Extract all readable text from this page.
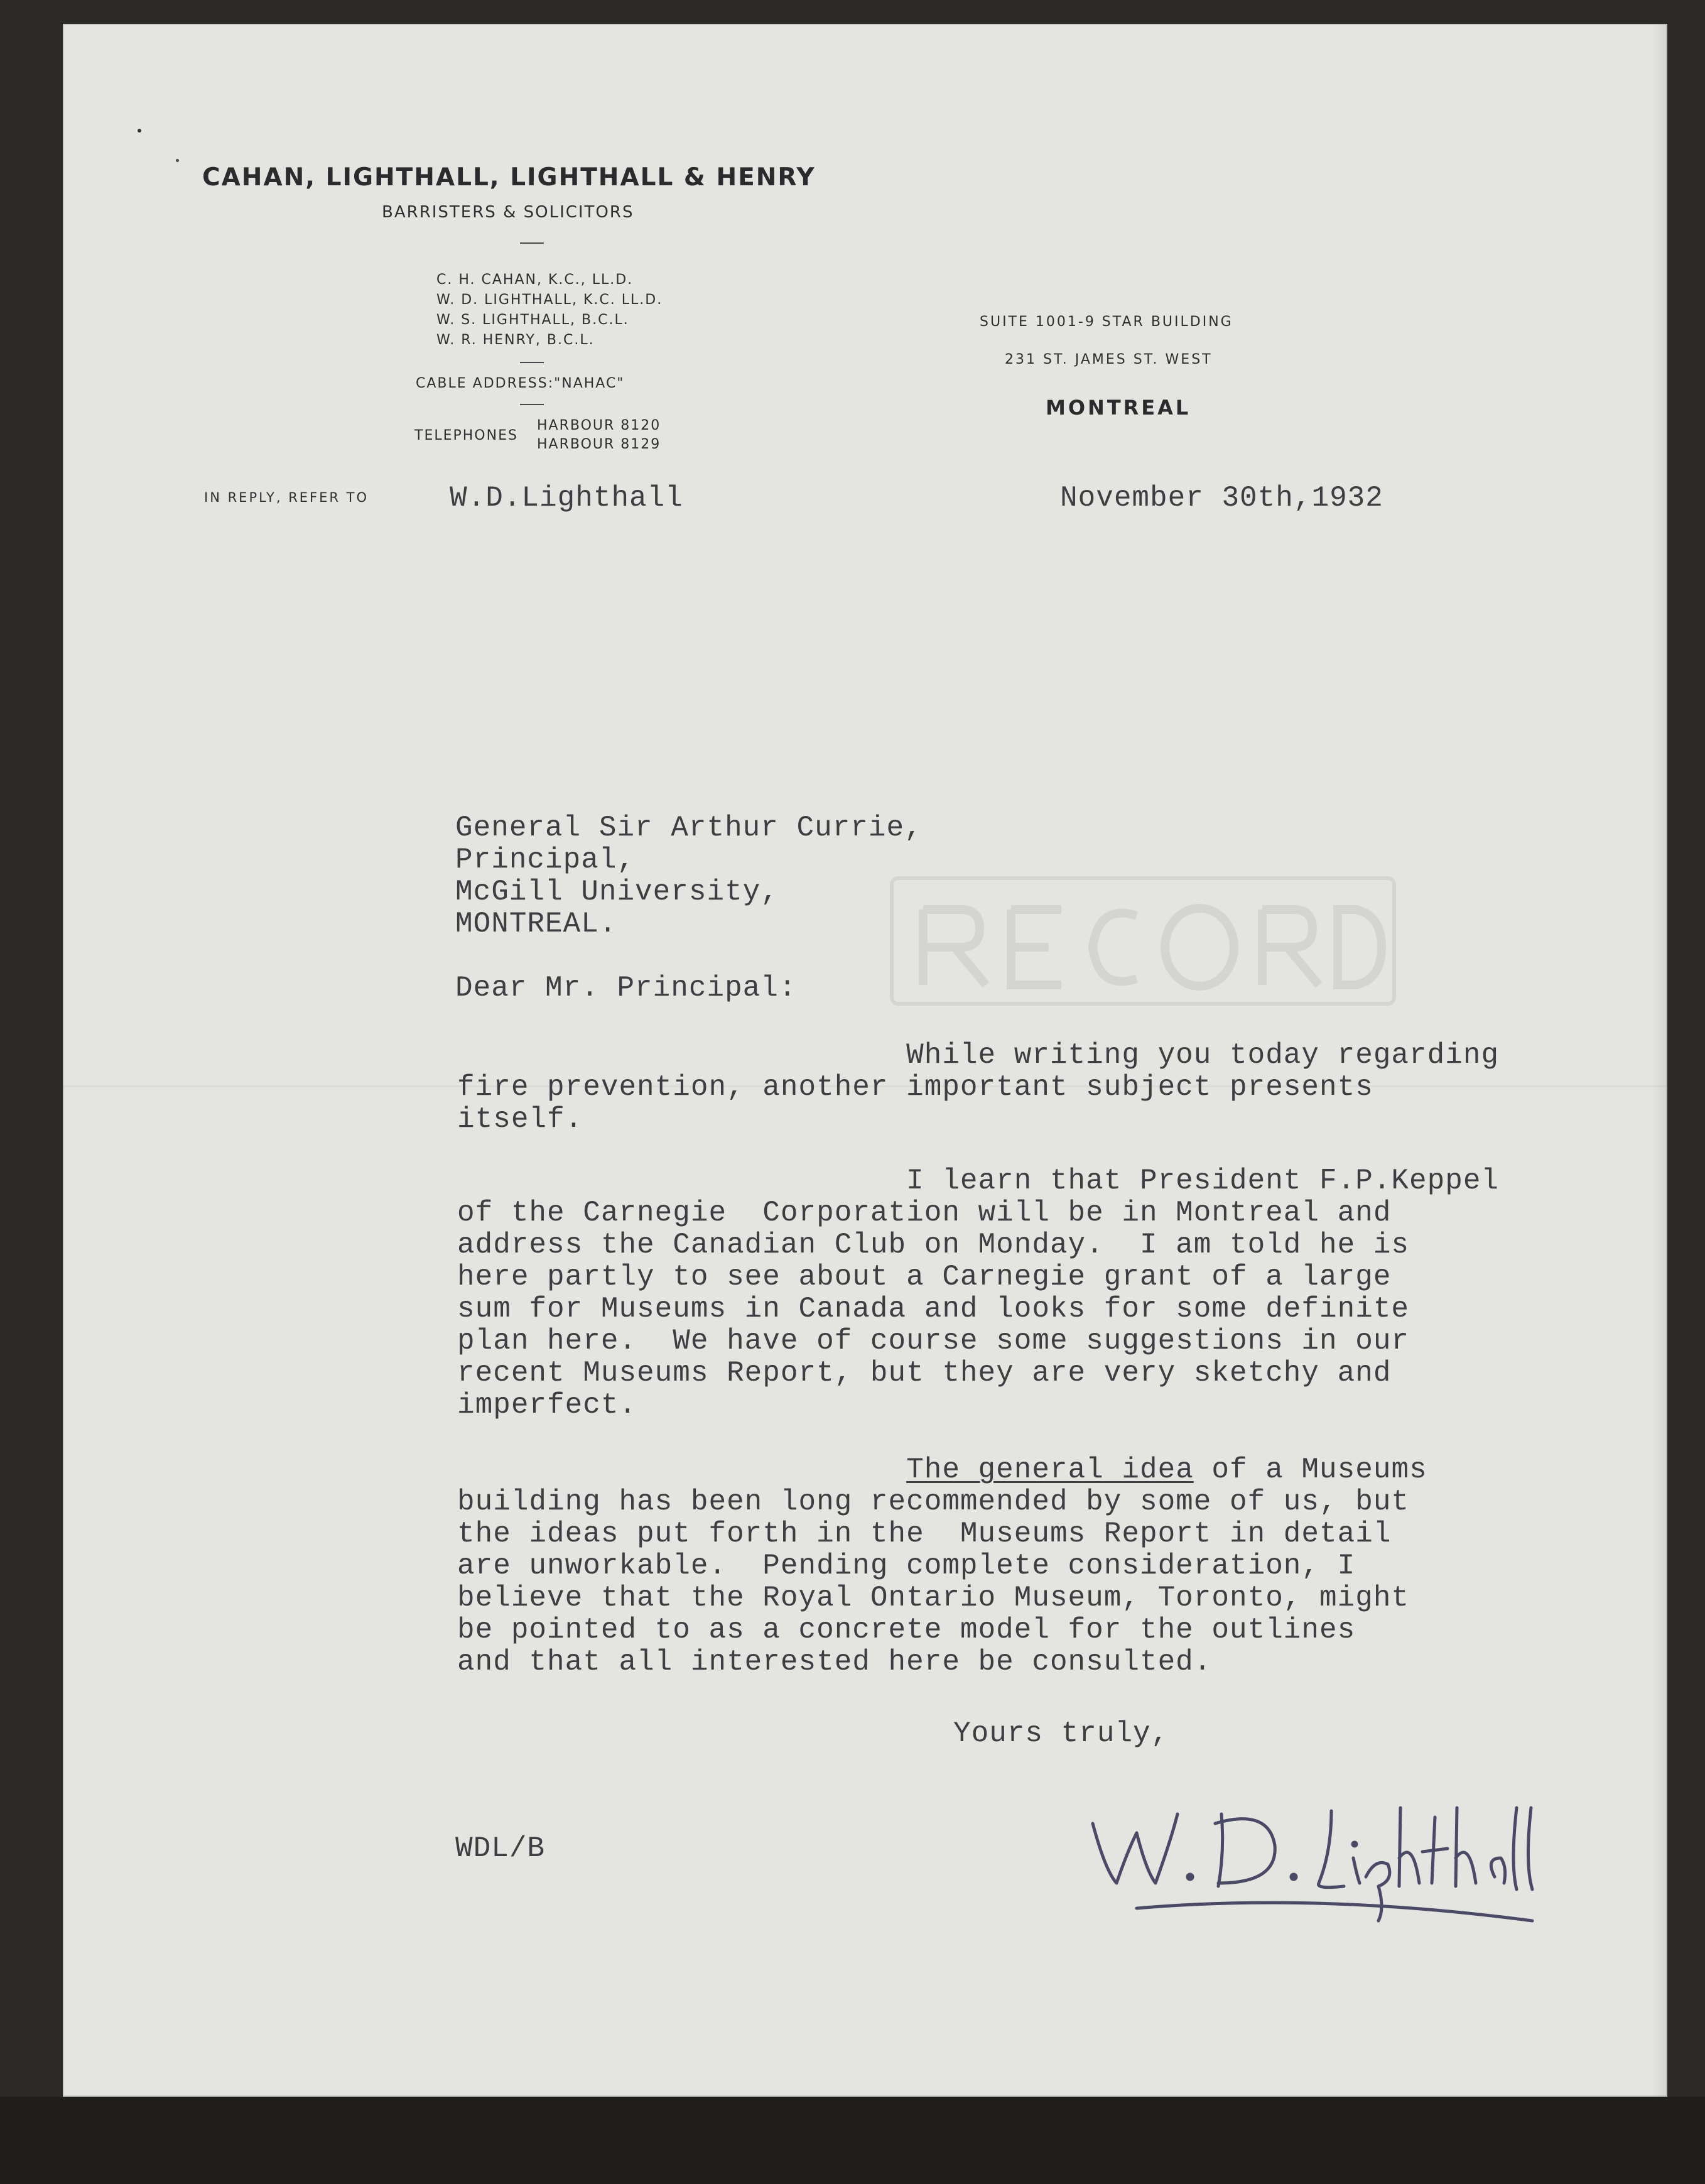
CAHAN, LIGHTHALL, LIGHTHALL & HENRY
BARRISTERS & SOLICITORS
C. H. CAHAN, K.C., LL.D.
W. D. LIGHTHALL, K.C. LL.D.
W. S. LIGHTHALL, B.C.L.
W. R. HENRY, B.C.L.
CABLE ADDRESS:"NAHAC"
TELEPHONES
HARBOUR 8120
HARBOUR 8129
SUITE 1001-9 STAR BUILDING
231 ST. JAMES ST. WEST
MONTREAL
IN REPLY, REFER TO	W.D.Lighthall	November 30th,1932
General Sir Arthur Currie,
Principal,
McGill University,
MONTREAL.
Dear Mr. Principal:
While writing you today regarding
fire prevention, another important subject presents
itself.
I learn that President F.P.Keppel
of the Carnegie  Corporation will be in Montreal and
address the Canadian Club on Monday.  I am told he is
here partly to see about a Carnegie grant of a large
sum for Museums in Canada and looks for some definite
plan here.  We have of course some suggestions in our
recent Museums Report, but they are very sketchy and
imperfect.
The general idea of a Museums
building has been long recommended by some of us, but
the ideas put forth in the  Museums Report in detail
are unworkable.  Pending complete consideration, I
believe that the Royal Ontario Museum, Toronto, might
be pointed to as a concrete model for the outlines
and that all interested here be consulted.
Yours truly,
WDL/B
